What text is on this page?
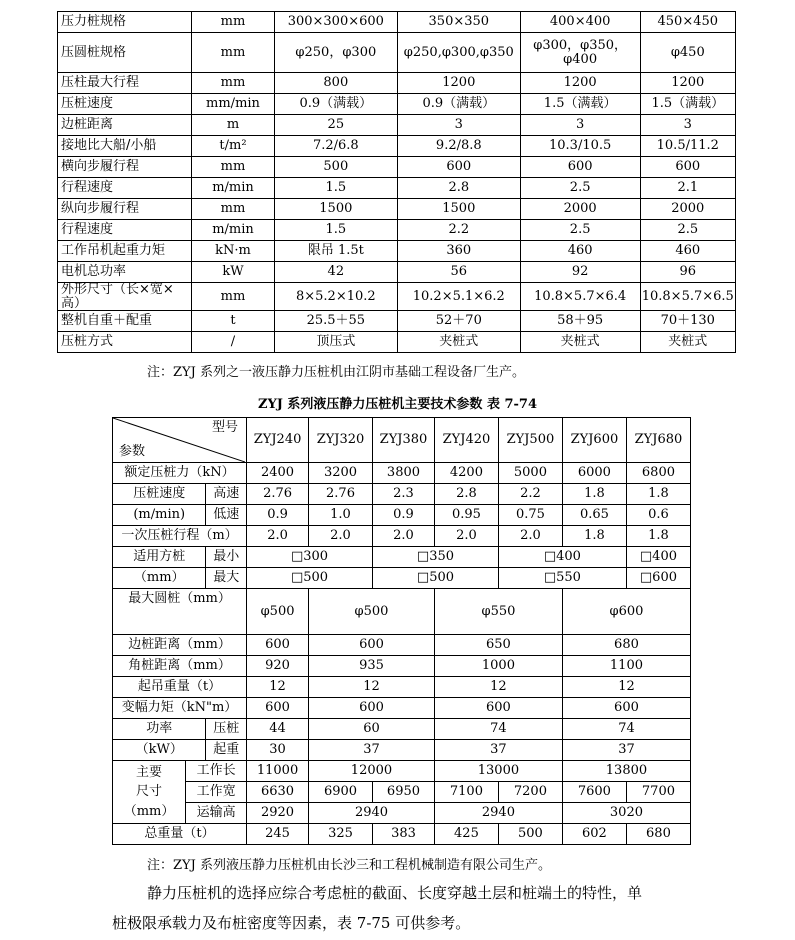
压力桩规格	mm	300×300×600	350×350	400×400	450×450
压圆桩规格	mm	φ250，φ300	φ250,φ300,φ350	φ300，φ350，φ400	φ450
压柱最大行程	mm	800	1200	1200	1200
压桩速度	mm/min	0.9（满载）	0.9（满载）	1.5（满载）	1.5（满载）
边桩距离	m	25	3	3	3
接地比大船/小船	t/m²	7.2/6.8	9.2/8.8	10.3/10.5	10.5/11.2
横向步履行程	mm	500	600	600	600
行程速度	m/min	1.5	2.8	2.5	2.1
纵向步履行程	mm	1500	1500	2000	2000
行程速度	m/min	1.5	2.2	2.5	2.5
工作吊机起重力矩	kN·m	限吊 1.5t	360	460	460
电机总功率	kW	42	56	92	96
外形尺寸（长×宽×高）	mm	8×5.2×10.2	10.2×5.1×6.2	10.8×5.7×6.4	10.8×5.7×6.5
整机自重＋配重	t	25.5＋55	52＋70	58＋95	70＋130
压桩方式	/	顶压式	夹桩式	夹桩式	夹桩式
注：ZYJ 系列之一液压静力压桩机由江阴市基础工程设备厂生产。
ZYJ 系列液压静力压桩机主要技术参数 表 7-74
型号
参数			ZYJ240	ZYJ320	ZYJ380	ZYJ420	ZYJ500	ZYJ600	ZYJ680
额定压桩力（kN）			2400	3200	3800	4200	5000	6000	6800
压桩速度		高速	2.76	2.76	2.3	2.8	2.2	1.8	1.8
(m/min)		低速	0.9	1.0	0.9	0.95	0.75	0.65	0.6
一次压桩行程（m）			2.0	2.0	2.0	2.0	2.0	1.8	1.8
适用方桩		最小	□300		□350		□400		□400
（mm）		最大	□500		□500		□550		□600
最大圆桩（mm）			φ500	φ500		φ550		φ600	
边桩距离（mm）			600	600		650		680	
角桩距离（mm）			920	935		1000		1100	
起吊重量（t）			12	12		12		12	
变幅力矩（kN"m）			600	600		600		600	
功率		压桩	44	60		74		74	
（kW）		起重	30	37		37		37	

主要
尺寸
（mm）	工作长		11000	12000		13000		13800	
	工作宽		6630	6900	6950	7100	7200	7600	7700
	运输高		2920	2940		2940		3020	
总重量（t）			245	325	383	425	500	602	680
注：ZYJ 系列液压静力压桩机由长沙三和工程机械制造有限公司生产。
静力压桩机的选择应综合考虑桩的截面、长度穿越土层和桩端土的特性，单
桩极限承载力及布桩密度等因素，表 7-75 可供参考。
